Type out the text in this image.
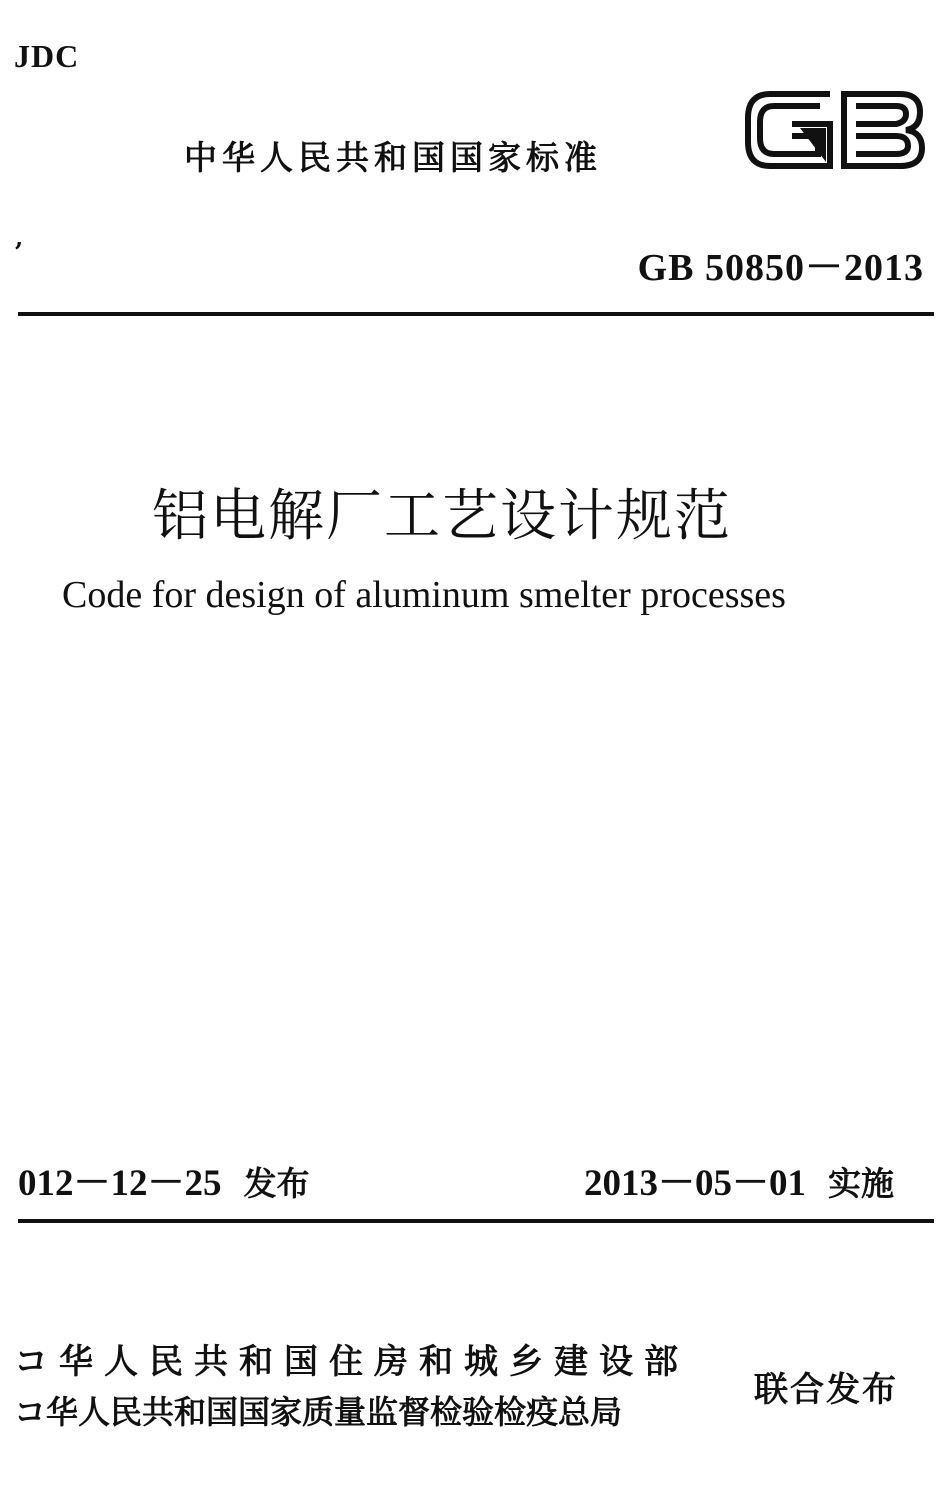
JDC
中华人民共和国国家标准
’	GB 50850－2013
铝电解厂工艺设计规范
Code for design of aluminum smelter processes
012－12－25 发布	2013－05－01 实施
コ华人民共和国住房和城乡建设部
コ华人民共和国国家质量监督检验检疫总局
联合发布
